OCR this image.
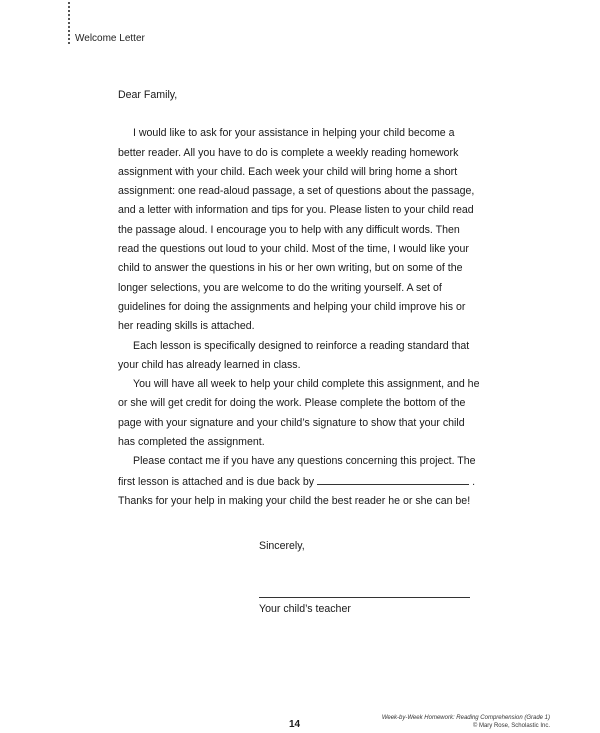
Welcome Letter

Dear Family,

I would like to ask for your assistance in helping your child become a better reader. All you have to do is complete a weekly reading homework assignment with your child. Each week your child will bring home a short assignment: one read-aloud passage, a set of questions about the passage, and a letter with information and tips for you. Please listen to your child read the passage aloud. I encourage you to help with any difficult words. Then read the questions out loud to your child. Most of the time, I would like your child to answer the questions in his or her own writing, but on some of the longer selections, you are welcome to do the writing yourself. A set of guidelines for doing the assignments and helping your child improve his or her reading skills is attached.

Each lesson is specifically designed to reinforce a reading standard that your child has already learned in class.

You will have all week to help your child complete this assignment, and he or she will get credit for doing the work. Please complete the bottom of the page with your signature and your child’s signature to show that your child has completed the assignment.

Please contact me if you have any questions concerning this project. The first lesson is attached and is due back by	. Thanks for your help in making your child the best reader he or she can be!

Sincerely,
Your child’s teacher
14
Week-by-Week Homework: Reading Comprehension (Grade 1)
© Mary Rose, Scholastic Inc.
